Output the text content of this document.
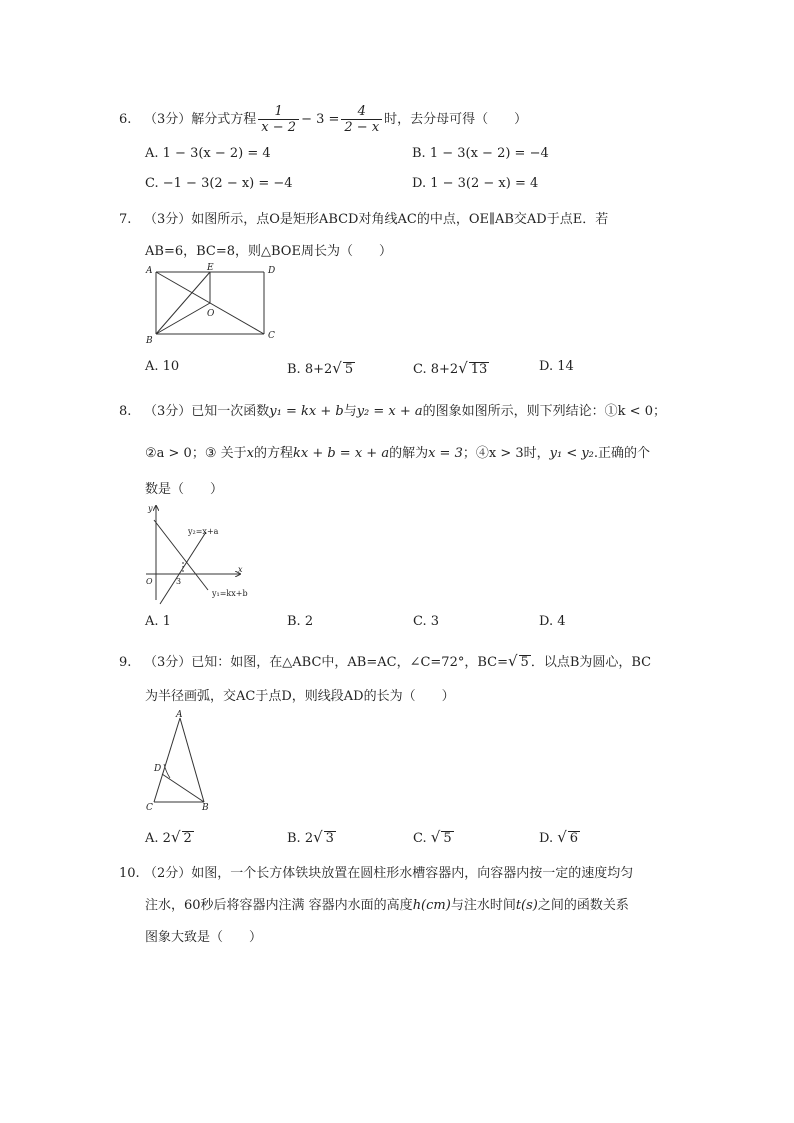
6. （3分）解分式方程 $\frac{1}{x - 2} - 3 = \frac{4}{2 - x}$ 时，去分母可得（　　）
A. 1 − 3(x − 2) = 4	B. 1 − 3(x − 2) = −4
C. −1 − 3(2 − x) = −4	D. 1 − 3(2 − x) = 4
7. （3分）如图所示，点O是矩形ABCD对角线AC的中点，OE∥AB交AD于点E．若
AB=6，BC=8，则△BOE周长为（　　）
A	E	D
O
B	C
A. 10	B. 8+2√ 5	C. 8+2√ 13	D. 14
8. （3分）已知一次函数y₁ = kx + b与y₂ = x + a的图象如图所示，则下列结论：①k < 0；
②a > 0；③ 关于x的方程kx + b = x + a的解为x = 3；④x > 3时，y₁ < y₂.正确的个
数是（　　）
y
x
O	3
y₂=x+a
y₁=kx+b
A. 1	B. 2	C. 3	D. 4
9. （3分）已知：如图，在△ABC中，AB=AC，∠C=72°，BC=√ 5 ．以点B为圆心，BC
为半径画弧，交AC于点D，则线段AD的长为（　　）
A
D
C	B
A. 2√ 2	B. 2√ 3	C. √ 5	D. √ 6
10. （2分）如图，一个长方体铁块放置在圆柱形水槽容器内，向容器内按一定的速度均匀
注水，60秒后将容器内注满 容器内水面的高度h(cm)与注水时间t(s)之间的函数关系
图象大致是（　　）
